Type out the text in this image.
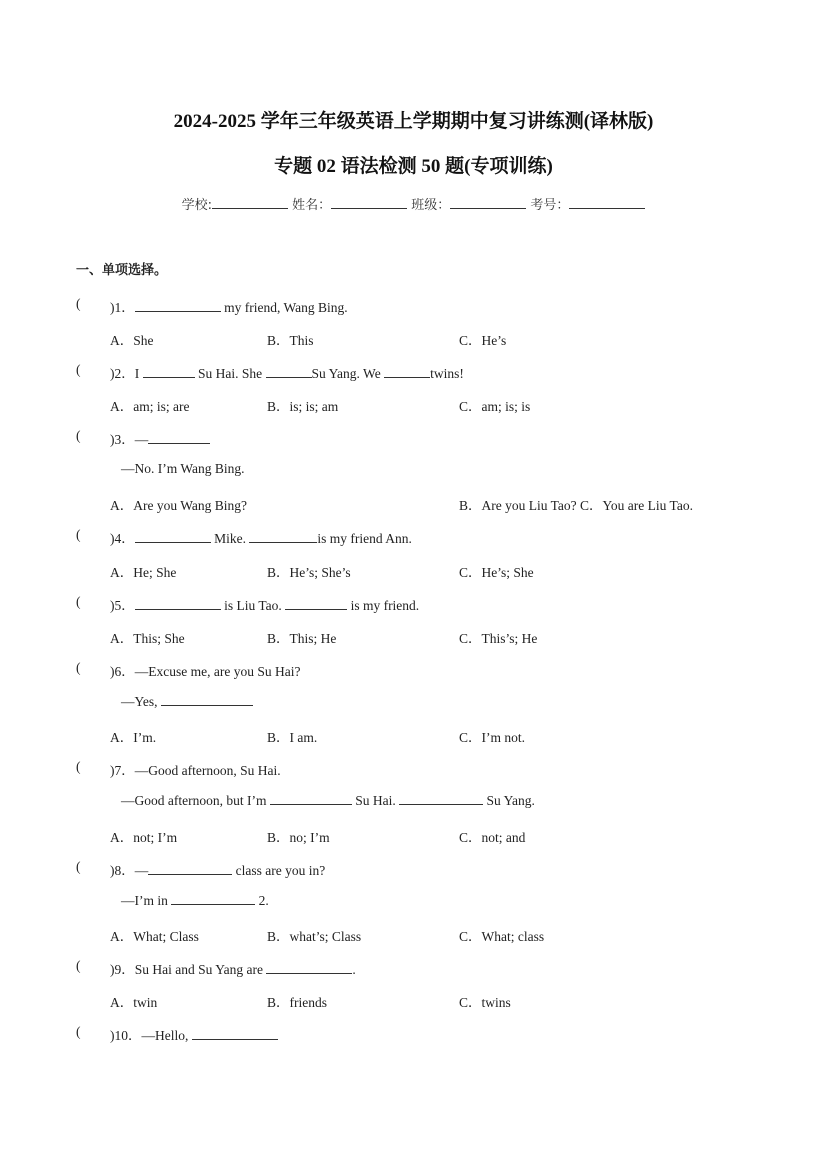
2024-2025 学年三年级英语上学期期中复习讲练测(译林版)
专题 02 语法检测 50 题(专项训练)
学校:	姓名：	班级：	考号：
一、单项选择。
( )1．	my friend, Wang Bing.
A．She	B．This	C．He’s
( )2．I	Su Hai. She	Su Yang. We	twins!
A．am; is; are	B．is; is; am	C．am; is; is
( )3．—
—No. I’m Wang Bing.
A．Are you Wang Bing?	B．Are you Liu Tao? C．You are Liu Tao.
( )4．	Mike.	is my friend Ann.
A．He; She	B．He’s; She’s	C．He’s; She
( )5．	is Liu Tao.	is my friend.
A．This; She	B．This; He	C．This’s; He
( )6．—Excuse me, are you Su Hai?
—Yes,
A．I’m.	B．I am.	C．I’m not.
( )7．—Good afternoon, Su Hai.
—Good afternoon, but I’m	Su Hai.	Su Yang.
A．not; I’m	B．no; I’m	C．not; and
( )8．—	class are you in?
—I’m in	2.
A．What; Class	B．what’s; Class	C．What; class
( )9．Su Hai and Su Yang are	.
A．twin	B．friends	C．twins
( )10．—Hello,
